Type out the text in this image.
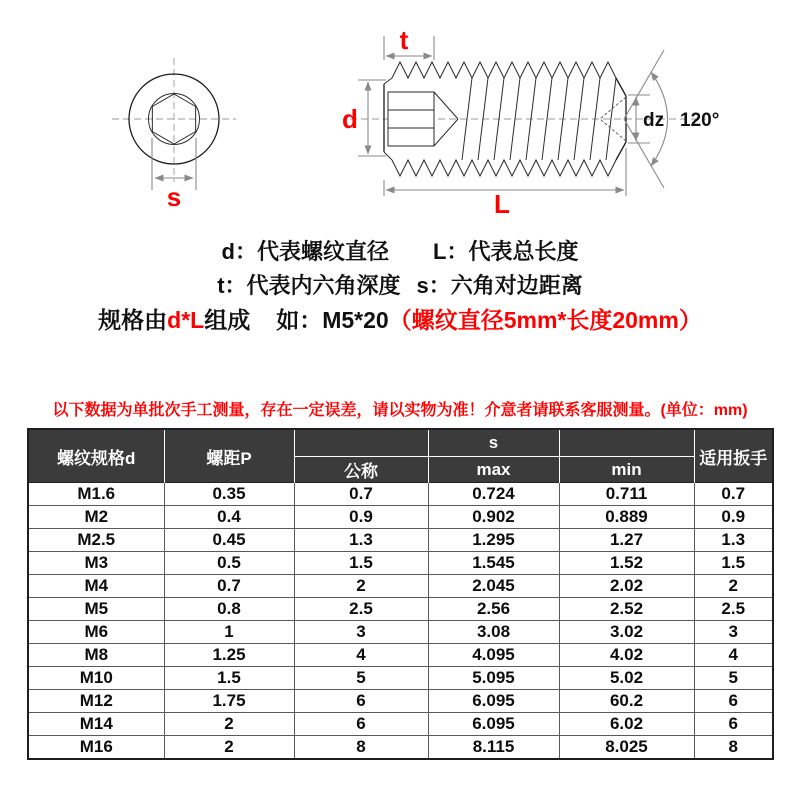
s
t
d
L
dz 120°
d：代表螺纹直径 L：代表总长度
t：代表内六角深度 s：六角对边距离
规格由d*L组成 如：M5*20（螺纹直径5mm*长度20mm）
以下数据为单批次手工测量，存在一定误差，请以实物为准！介意者请联系客服测量。(单位：mm)
螺纹规格d	螺距P		s		适用扳手
		公称	max	min	
M1.6	0.35	0.7	0.724	0.711	0.7
M2	0.4	0.9	0.902	0.889	0.9
M2.5	0.45	1.3	1.295	1.27	1.3
M3	0.5	1.5	1.545	1.52	1.5
M4	0.7	2	2.045	2.02	2
M5	0.8	2.5	2.56	2.52	2.5
M6	1	3	3.08	3.02	3
M8	1.25	4	4.095	4.02	4
M10	1.5	5	5.095	5.02	5
M12	1.75	6	6.095	60.2	6
M14	2	6	6.095	6.02	6
M16	2	8	8.115	8.025	8
